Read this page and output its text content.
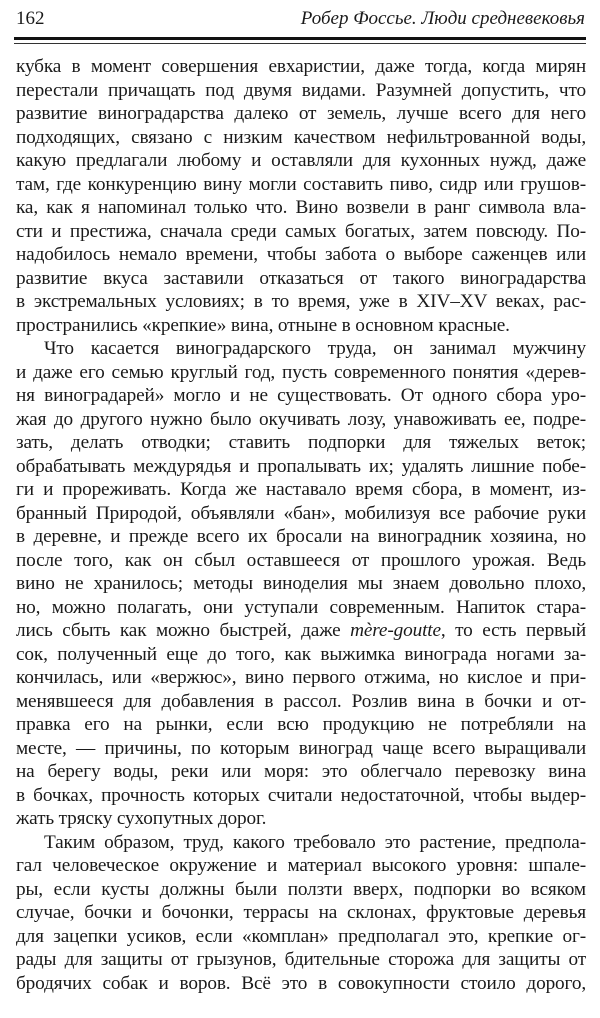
162	Робер Фоссье. Люди средневековья
кубка в момент совершения евхаристии, даже тогда, когда мирян
перестали причащать под двумя видами. Разумней допустить, что
развитие виноградарства далеко от земель, лучше всего для него
подходящих, связано с низким качеством нефильтрованной воды,
какую предлагали любому и оставляли для кухонных нужд, даже
там, где конкуренцию вину могли составить пиво, сидр или грушов-
ка, как я напоминал только что. Вино возвели в ранг символа вла-
сти и престижа, сначала среди самых богатых, затем повсюду. По-
надобилось немало времени, чтобы забота о выборе саженцев или
развитие вкуса заставили отказаться от такого виноградарства
в экстремальных условиях; в то время, уже в XIV–XV веках, рас-
пространились «крепкие» вина, отныне в основном красные.
Что касается виноградарского труда, он занимал мужчину
и даже его семью круглый год, пусть современного понятия «дерев-
ня виноградарей» могло и не существовать. От одного сбора уро-
жая до другого нужно было окучивать лозу, унавоживать ее, подре-
зать, делать отводки; ставить подпорки для тяжелых веток;
обрабатывать междурядья и пропалывать их; удалять лишние побе-
ги и прореживать. Когда же наставало время сбора, в момент, из-
бранный Природой, объявляли «бан», мобилизуя все рабочие руки
в деревне, и прежде всего их бросали на виноградник хозяина, но
после того, как он сбыл оставшееся от прошлого урожая. Ведь
вино не хранилось; методы виноделия мы знаем довольно плохо,
но, можно полагать, они уступали современным. Напиток стара-
лись сбыть как можно быстрей, даже mère-goutte, то есть первый
сок, полученный еще до того, как выжимка винограда ногами за-
кончилась, или «вержюс», вино первого отжима, но кислое и при-
менявшееся для добавления в рассол. Розлив вина в бочки и от-
правка его на рынки, если всю продукцию не потребляли на
месте, — причины, по которым виноград чаще всего выращивали
на берегу воды, реки или моря: это облегчало перевозку вина
в бочках, прочность которых считали недостаточной, чтобы выдер-
жать тряску сухопутных дорог.
Таким образом, труд, какого требовало это растение, предпола-
гал человеческое окружение и материал высокого уровня: шпале-
ры, если кусты должны были ползти вверх, подпорки во всяком
случае, бочки и бочонки, террасы на склонах, фруктовые деревья
для зацепки усиков, если «комплан» предполагал это, крепкие ог-
рады для защиты от грызунов, бдительные сторожа для защиты от
бродячих собак и воров. Всё это в совокупности стоило дорого,
